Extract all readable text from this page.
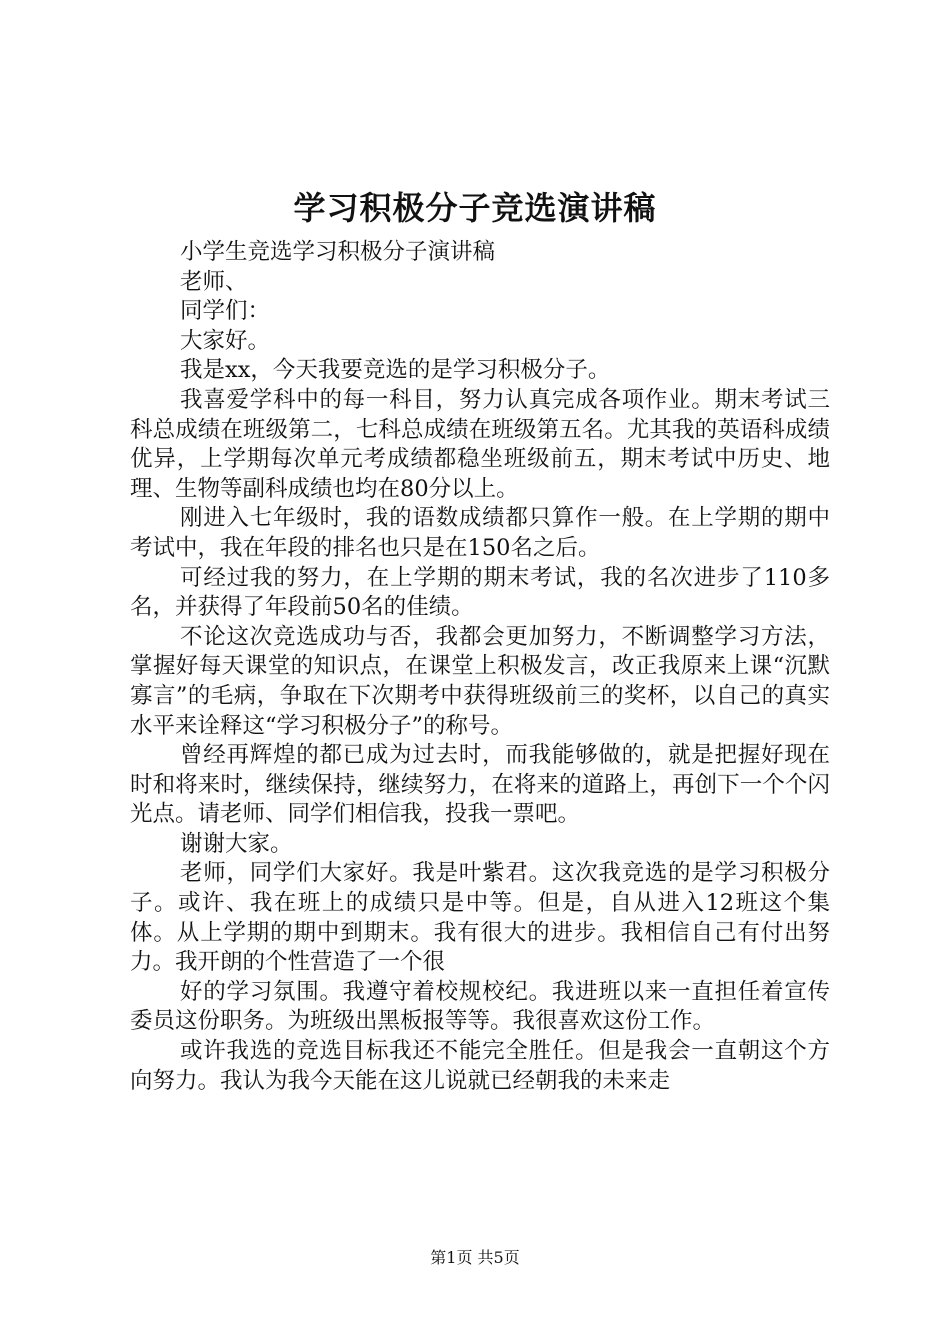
学习积极分子竞选演讲稿

小学生竞选学习积极分子演讲稿

老师、

同学们：

大家好。

我是xx，今天我要竞选的是学习积极分子。

我喜爱学科中的每一科目，努力认真完成各项作业。期末考试三科总成绩在班级第二，七科总成绩在班级第五名。尤其我的英语科成绩优异，上学期每次单元考成绩都稳坐班级前五，期末考试中历史、地理、生物等副科成绩也均在80分以上。

刚进入七年级时，我的语数成绩都只算作一般。在上学期的期中考试中，我在年段的排名也只是在150名之后。

可经过我的努力，在上学期的期末考试，我的名次进步了110多名，并获得了年段前50名的佳绩。

不论这次竞选成功与否，我都会更加努力，不断调整学习方法，掌握好每天课堂的知识点，在课堂上积极发言，改正我原来上课“沉默寡言”的毛病，争取在下次期考中获得班级前三的奖杯，以自己的真实水平来诠释这“学习积极分子”的称号。

曾经再辉煌的都已成为过去时，而我能够做的，就是把握好现在时和将来时，继续保持，继续努力，在将来的道路上，再创下一个个闪光点。请老师、同学们相信我，投我一票吧。

谢谢大家。

老师，同学们大家好。我是叶紫君。这次我竞选的是学习积极分子。或许、我在班上的成绩只是中等。但是，自从进入12班这个集体。从上学期的期中到期末。我有很大的进步。我相信自己有付出努力。我开朗的个性营造了一个很

好的学习氛围。我遵守着校规校纪。我进班以来一直担任着宣传委员这份职务。为班级出黑板报等等。我很喜欢这份工作。

或许我选的竞选目标我还不能完全胜任。但是我会一直朝这个方向努力。我认为我今天能在这儿说就已经朝我的未来走

第1页 共5页
